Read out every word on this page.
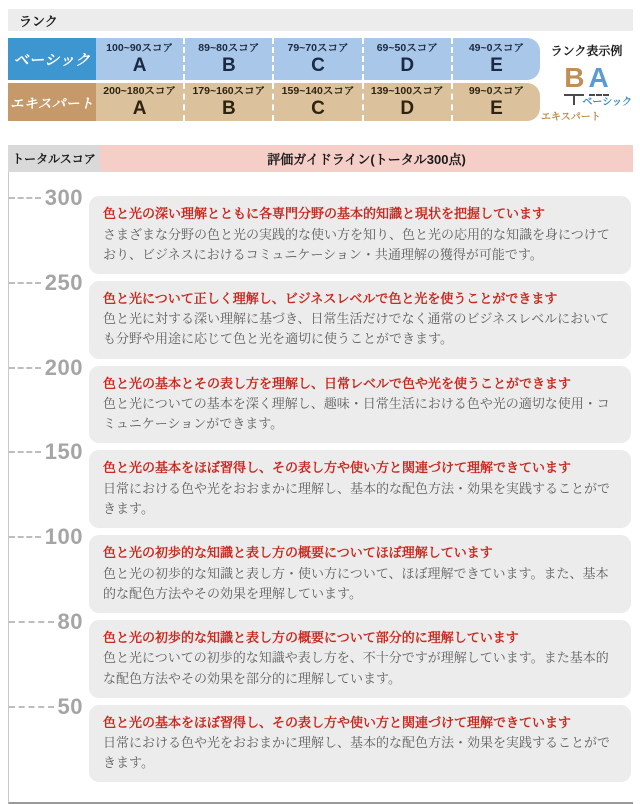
ランク
ベーシック
100~90スコア
A
89~80スコア
B
79~70スコア
C
69~50スコア
D
49~0スコア
E
エキスパート
200~180スコア
A
179~160スコア
B
159~140スコア
C
139~100スコア
D
99~0スコア
E
ランク表示例
B A
ベーシック
エキスパート
トータルスコア	評価ガイドライン(トータル300点)
300
色と光の深い理解とともに各専門分野の基本的知識と現状を把握しています
さまざまな分野の色と光の実践的な使い方を知り、色と光の応用的な知識を身につけており、ビジネスにおけるコミュニケーション・共通理解の獲得が可能です。
250
色と光について正しく理解し、ビジネスレベルで色と光を使うことができます
色と光に対する深い理解に基づき、日常生活だけでなく通常のビジネスレベルにおいても分野や用途に応じて色と光を適切に使うことができます。
200
色と光の基本とその表し方を理解し、日常レベルで色や光を使うことができます
色と光についての基本を深く理解し、趣味・日常生活における色や光の適切な使用・コミュニケーションができます。
150
色と光の基本をほぼ習得し、その表し方や使い方と関連づけて理解できています
日常における色や光をおおまかに理解し、基本的な配色方法・効果を実践することができます。
100
色と光の初歩的な知識と表し方の概要についてほぼ理解しています
色と光の初歩的な知識と表し方・使い方について、ほぼ理解できています。また、基本的な配色方法やその効果を理解しています。
80
色と光の初歩的な知識と表し方の概要について部分的に理解しています
色と光についての初歩的な知識や表し方を、不十分ですが理解しています。また基本的な配色方法やその効果を部分的に理解しています。
50
色と光の基本をほぼ習得し、その表し方や使い方と関連づけて理解できています
日常における色や光をおおまかに理解し、基本的な配色方法・効果を実践することができます。
